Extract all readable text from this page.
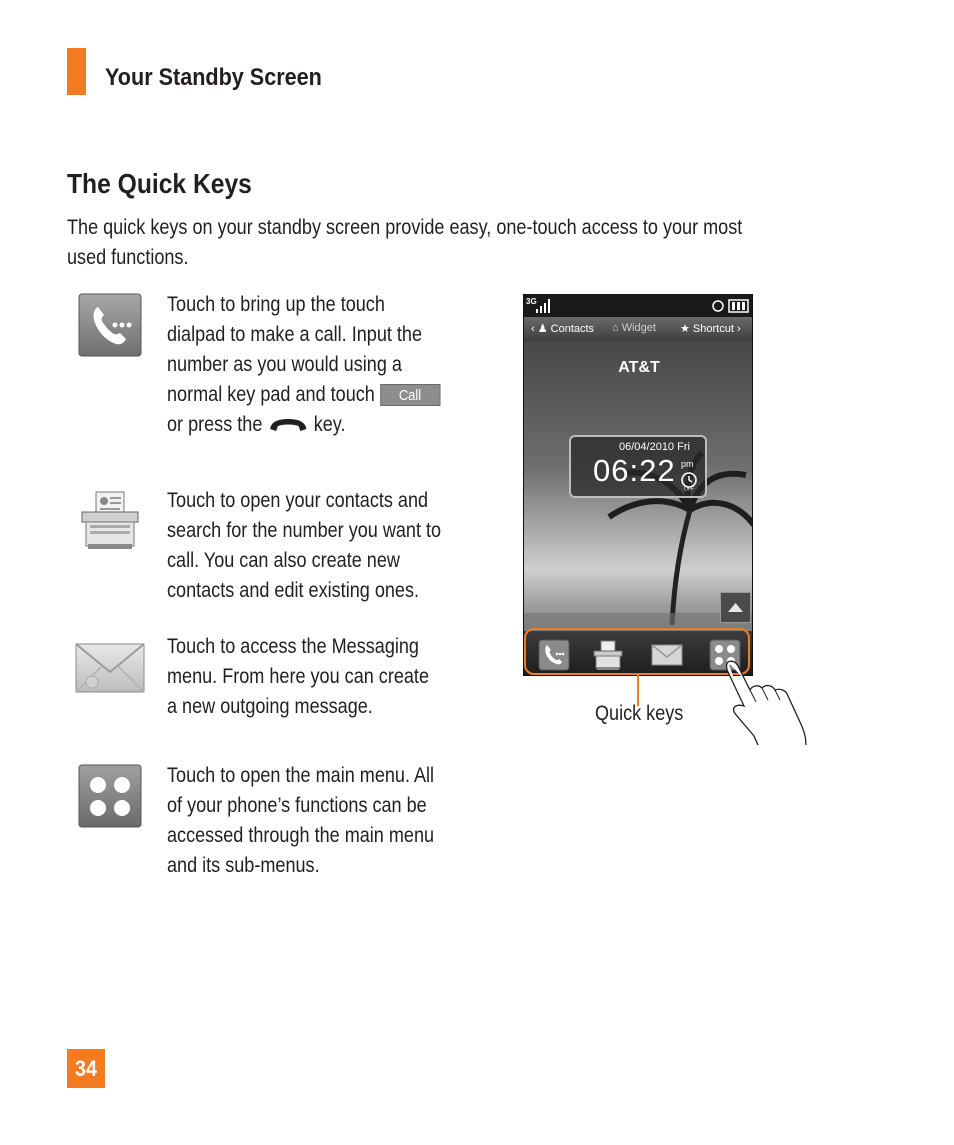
Your Standby Screen
The Quick Keys
The quick keys on your standby screen provide easy, one-touch access to your most used functions.
Touch to bring up the touch dialpad to make a call. Input the number as you would using a normal key pad and touch Call or press the key.
Touch to open your contacts and search for the number you want to call. You can also create new contacts and edit existing ones.
Touch to access the Messaging menu. From here you can create a new outgoing message.
Touch to open the main menu. All of your phone’s functions can be accessed through the main menu and its sub-menus.
3G
‹ ♟ Contacts ⌂ Widget ★ Shortcut ›
AT&T
06/04/2010 Fri
06:22 pm
OFF
Quick keys
34
